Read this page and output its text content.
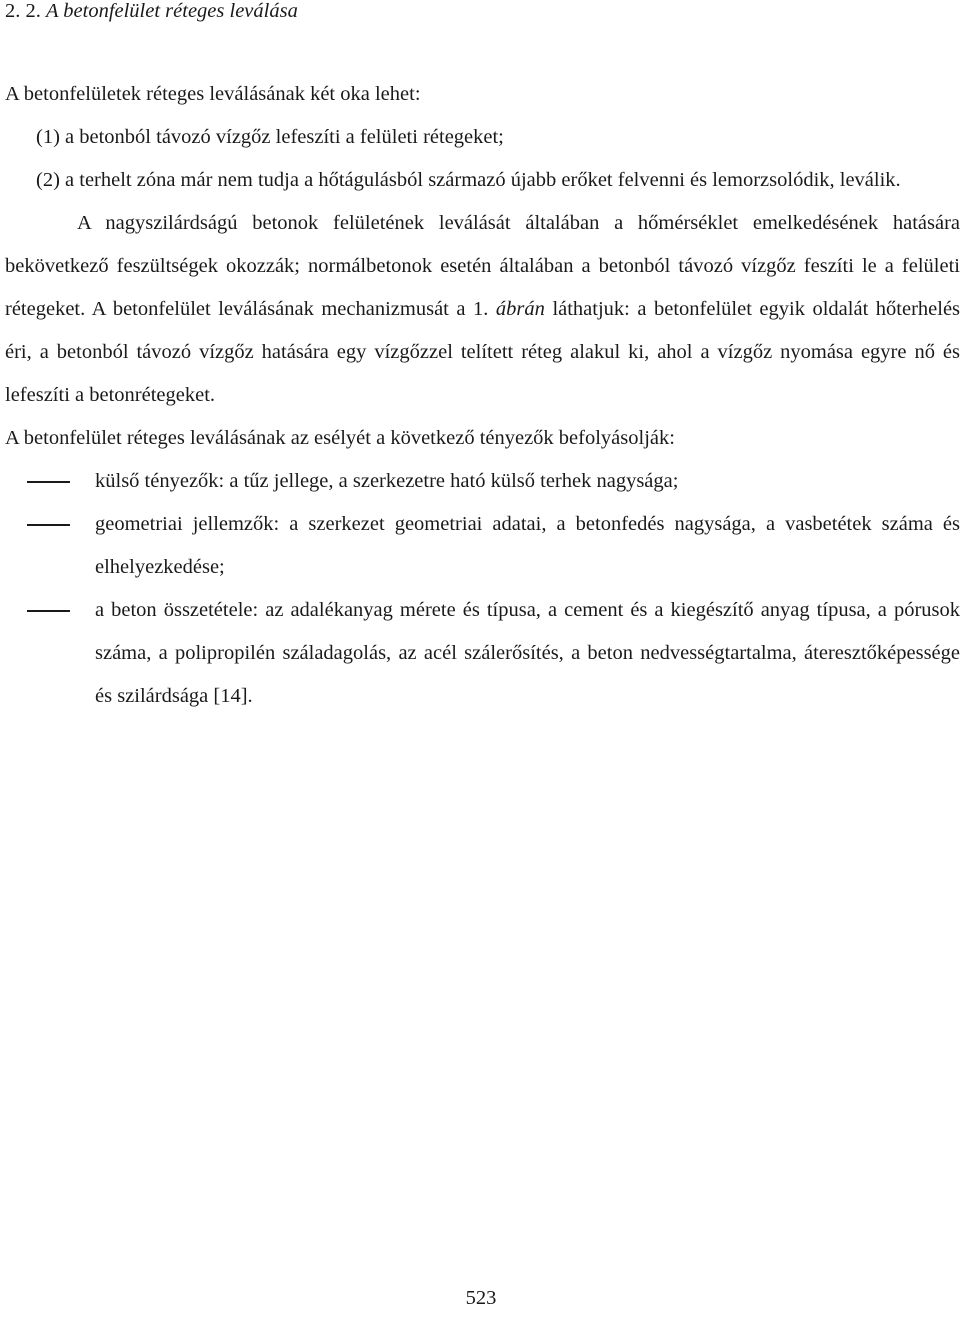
2. 2. A betonfelület réteges leválása

A betonfelületek réteges leválásának két oka lehet:

(1) a betonból távozó vízgőz lefeszíti a felületi rétegeket;

(2) a terhelt zóna már nem tudja a hőtágulásból származó újabb erőket felvenni és lemorzsolódik, leválik.

A nagyszilárdságú betonok felületének leválását általában a hőmérséklet emelkedésének hatására bekövetkező feszültségek okozzák; normálbetonok esetén általában a betonból távozó vízgőz feszíti le a felületi rétegeket. A betonfelület leválásának mechanizmusát a 1. ábrán láthatjuk: a betonfelület egyik oldalát hőterhelés éri, a betonból távozó vízgőz hatására egy vízgőzzel telített réteg alakul ki, ahol a vízgőz nyomása egyre nő és lefeszíti a betonrétegeket.

A betonfelület réteges leválásának az esélyét a következő tényezők befolyásolják:

külső tényezők: a tűz jellege, a szerkezetre ható külső terhek nagysága;
geometriai jellemzők: a szerkezet geometriai adatai, a betonfedés nagysága, a vasbetétek száma és elhelyezkedése;
a beton összetétele: az adalékanyag mérete és típusa, a cement és a kiegészítő anyag típusa, a pórusok száma, a polipropilén száladagolás, az acél szálerősítés, a beton nedvességtartalma, áteresztőképessége és szilárdsága [14].
523
